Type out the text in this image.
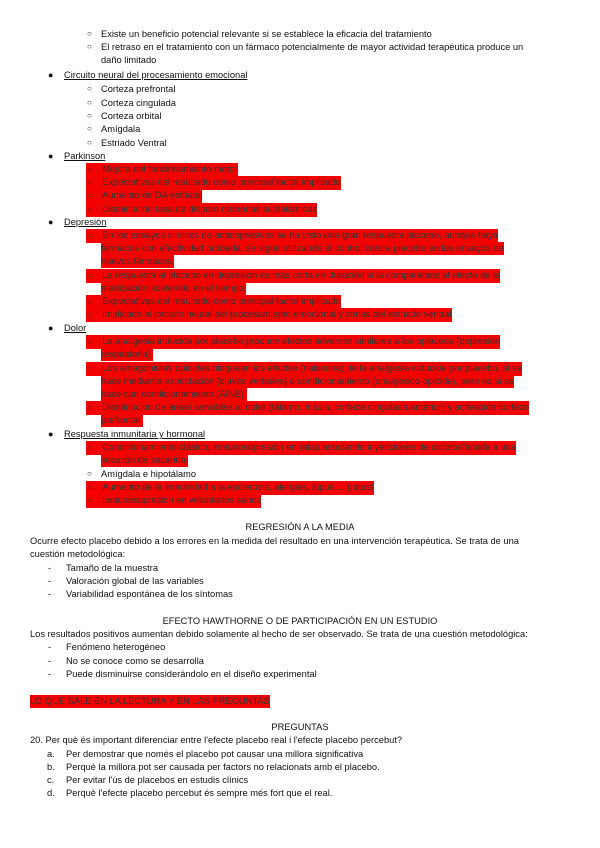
○ Existe un beneficio potencial relevante si se establece la eficacia del tratamiento
○ El retraso en el tratamiento con un fármaco potencialmente de mayor actividad terapéutica produce un
daño limitado
● Circuito neural del procesamiento emocional
○ Corteza prefrontal
○ Corteza cingulada
○ Corteza orbital
○ Amígdala
○ Estriado Ventral
● Parkinson
○ Mejora del funcionamiento motor
○ Expectativas del resultado como principal factor implicado
○ Aumento de DA estriatal
○ Disminución tasa de disparo neuronas subtalámicas
● Depresión
○ En los ensayos clínicos de antidepresivos se ha visto una gran respuesta placebo, aunque haya
fármacos con efectividad probada, se sigue utilizando el control contra placebo en los ensayos de
nuevos fármacos.
○ La respuesta al placebo en depresión es más corta en duración si la comparamos al efecto de la
medicación sostenido en el tiempo.
○ Expectativas del resultado como principal factor implicado
○ Implicado el circuito neural del procesamiento emocional y zonas del estriado ventral
● Dolor
○ La analgesia inducida por placebo produce efectos adversos similares a los opiáceos (depresión
respiratoria).
○ Los antagonistas opioides bloquean los efectos (naloxona) de la analgesia inducida por placebo, si se
hace mediante expectación (claves verbales) o condicionamiento (analgésico opioide), pero no si se
hace con condicionamiento (AINE).
○ Disminución de áreas sensibles al dolor (tálamo, ínsula, corteza cingulada anterior) y activación corteza
prefrontal.
● Respuesta inmunitaria y hormonal
○ Condicionamiento clásico, inmunosupresión en ratas asociando inyecciones de ciclofosfamida a una
solución de sacarina.
○ Amígdala e hipotálamo
○ Aumento de la inmunidad a la esclerosis, alergias, lupus.... (ratas)
○ Inmunosupresión en voluntarios sanos
REGRESIÓN A LA MEDIA
Ocurre efecto placebo debido a los errores en la medida del resultado en una intervención terapéutica. Se trata de una
cuestión metodológica:
- Tamaño de la muestra
- Valoración global de las variables
- Variabilidad espontánea de los síntomas
EFECTO HAWTHORNE O DE PARTICIPACIÓN EN UN ESTUDIO
Los resultados positivos aumentan debido solamente al hecho de ser observado. Se trata de una cuestión metodológica:
- Fenómeno heterogéneo
- No se conoce como se desarrolla
- Puede disminuirse considerándolo en el diseño experimental
LO QUE SALE EN LA LECTURA Y EN LAS PREGUNTAS
PREGUNTAS
20. Per què és important diferenciar entre l'efecte placebo real i l'efecte placebo percebut?
a. Per demostrar que només el placebo pot causar una millora significativa
b. Perquè la millora pot ser causada per factors no relacionats amb el placebo.
c. Per evitar l'ús de placebos en estudis clínics
d. Perquè l'efecte placebo percebut és sempre més fort que el real.
